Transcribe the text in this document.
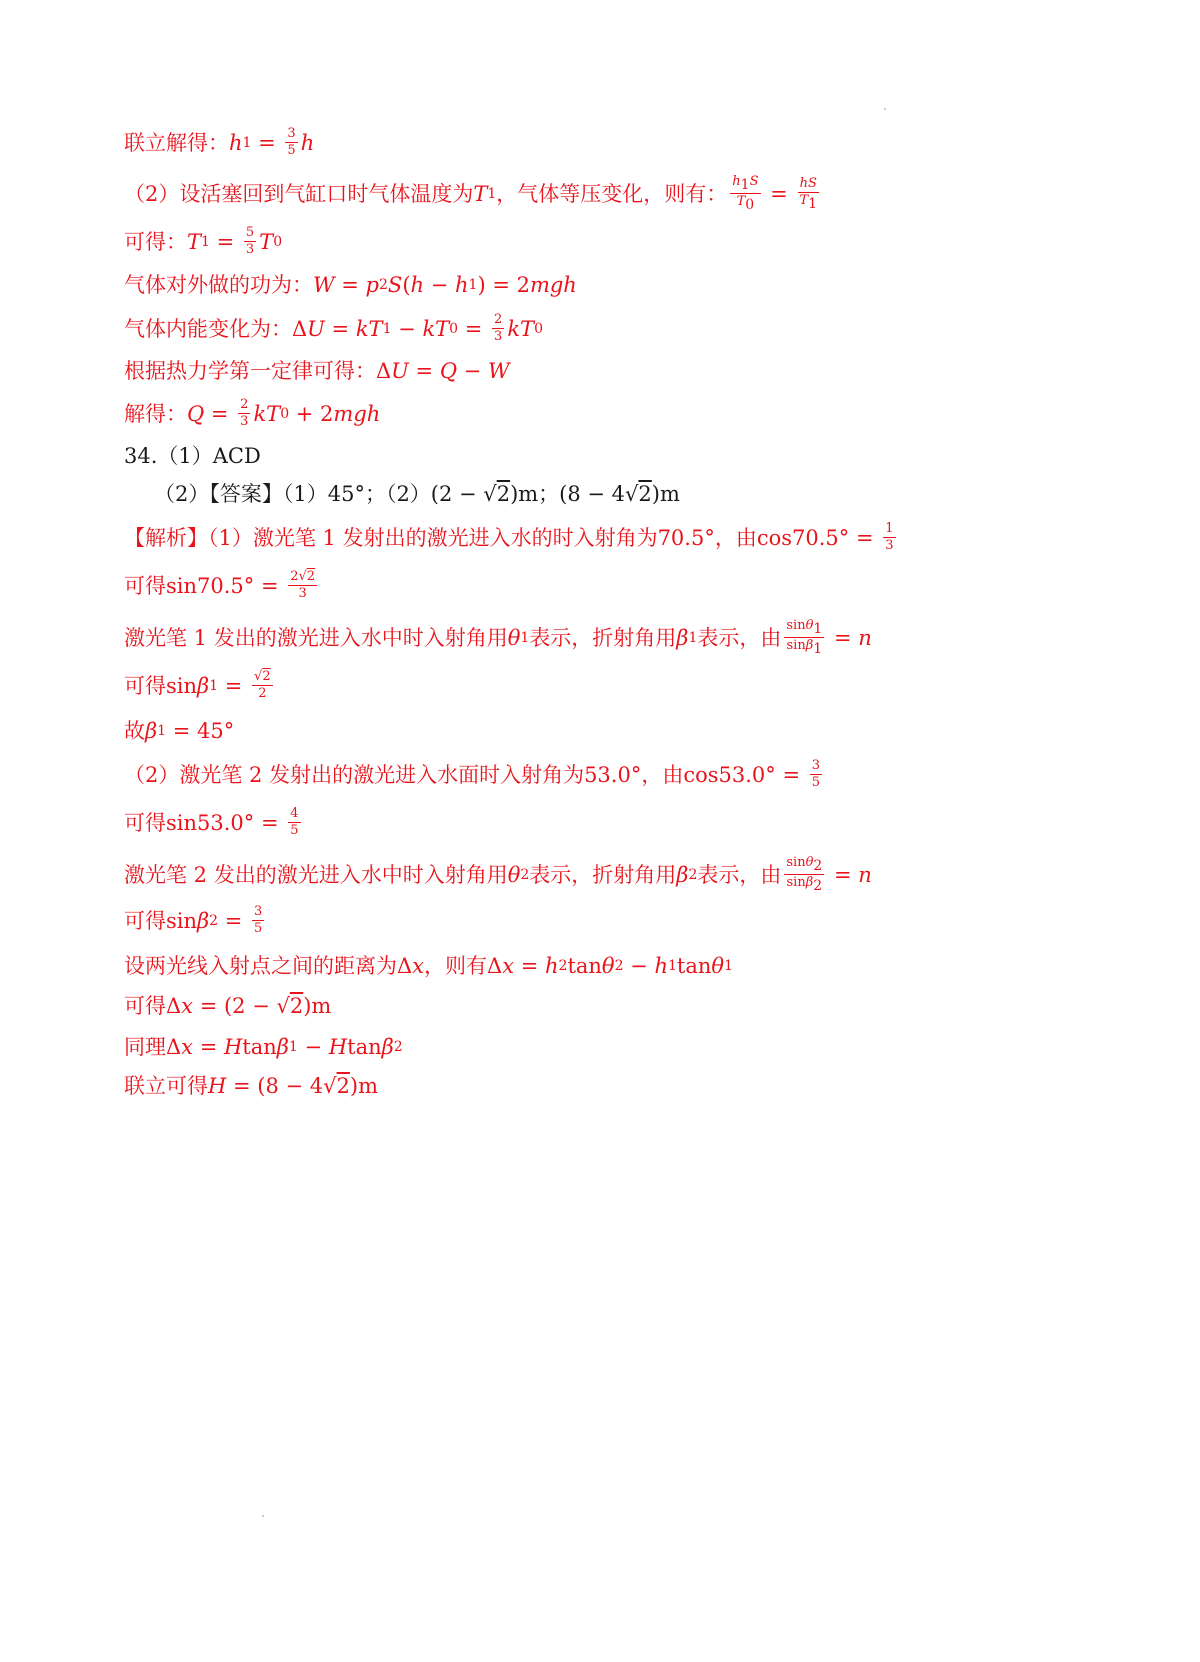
联立解得： h $1 = \frac{3}{5}$ h
（2）设活塞回到气缸口时气体温度为 T 1 ，气体等压变化，则有： $\frac{h_1S}{T_0} = \frac{hS}{T_1}$
可得： T $1 = \frac{5}{3}$ T 0
气体对外做的功为： W = p 2 S ( h − h 1 ) = 2 mgh
气体内能变化为：Δ U = kT 1 − kT $0 = \frac{2}{3}$ kT 0
根据热力学第一定律可得：Δ U = Q − W
解得： $Q = \frac{2}{3}$ kT 0 + 2 mgh
34.（1）ACD
（2）【答案】（1）45°；（2）(2 − √ 2 )m；(8 − 4√ 2 )m
【解析】（1）激光笔 1 发射出的激光进入水的时入射角为70.5°，由$\cos 70.5^\circ = \frac{1}{3}$
可得$\sin 70.5^\circ = \frac{2√2}{3}$
激光笔 1 发出的激光进入水中时入射角用 θ 1 表示，折射角用 β 1 表示，由 $\frac{\sin\theta_1}{\sin\beta_1} = n$
可得sin β $1 = \frac{√2}{2}$
故 β 1 = 45°
（2）激光笔 2 发射出的激光进入水面时入射角为53.0°，由$\cos 53.0^\circ = \frac{3}{5}$
可得$\sin 53.0^\circ = \frac{4}{5}$
激光笔 2 发出的激光进入水中时入射角用 θ 2 表示，折射角用 β 2 表示，由 $\frac{\sin\theta_2}{\sin\beta_2} = n$
可得sin β $2 = \frac{3}{5}$
设两光线入射点之间的距离为Δ x ，则有Δ x = h 2 tan θ 2 − h 1 tan θ 1
可得Δ x = (2 − √ 2 )m
同理Δ x = H tan β 1 − H tan β 2
联立可得 H = (8 − 4√ 2 )m
